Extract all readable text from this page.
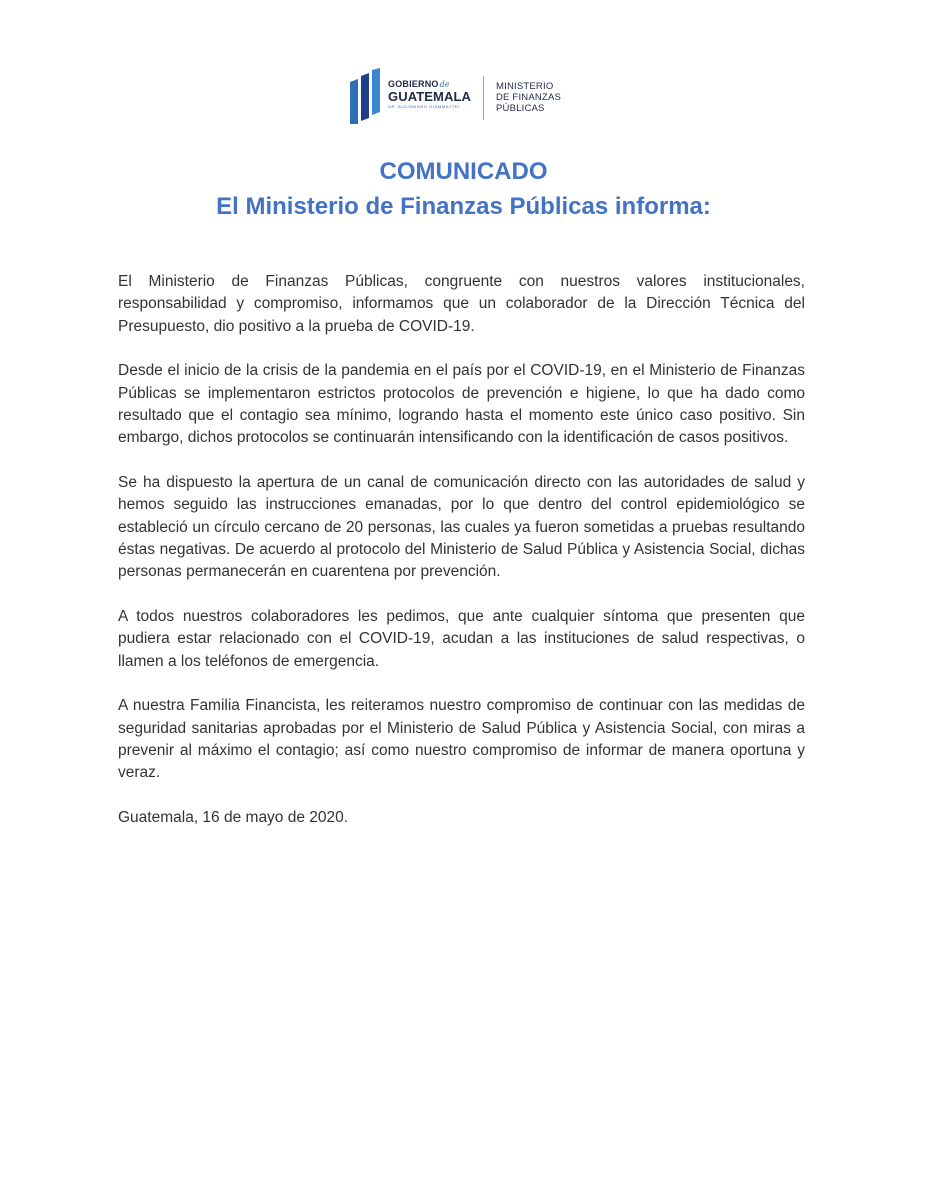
GOBIERNOde
GUATEMALA
DR. ALEJANDRO GIAMMATTEI
MINISTERIO
DE FINANZAS
PÚBLICAS
COMUNICADO
El Ministerio de Finanzas Públicas informa:

El Ministerio de Finanzas Públicas, congruente con nuestros valores institucionales, responsabilidad y compromiso, informamos que un colaborador de la Dirección Técnica del Presupuesto, dio positivo a la prueba de COVID-19.

Desde el inicio de la crisis de la pandemia en el país por el COVID-19, en el Ministerio de Finanzas Públicas se implementaron estrictos protocolos de prevención e higiene, lo que ha dado como resultado que el contagio sea mínimo, logrando hasta el momento este único caso positivo. Sin embargo, dichos protocolos se continuarán intensificando con la identificación de casos positivos.

Se ha dispuesto la apertura de un canal de comunicación directo con las autoridades de salud y hemos seguido las instrucciones emanadas, por lo que dentro del control epidemiológico se estableció un círculo cercano de 20 personas, las cuales ya fueron sometidas a pruebas resultando éstas negativas. De acuerdo al protocolo del Ministerio de Salud Pública y Asistencia Social, dichas personas permanecerán en cuarentena por prevención.

A todos nuestros colaboradores les pedimos, que ante cualquier síntoma que presenten que pudiera estar relacionado con el COVID-19, acudan a las instituciones de salud respectivas, o llamen a los teléfonos de emergencia.

A nuestra Familia Financista, les reiteramos nuestro compromiso de continuar con las medidas de seguridad sanitarias aprobadas por el Ministerio de Salud Pública y Asistencia Social, con miras a prevenir al máximo el contagio; así como nuestro compromiso de informar de manera oportuna y veraz.

Guatemala, 16 de mayo de 2020.
